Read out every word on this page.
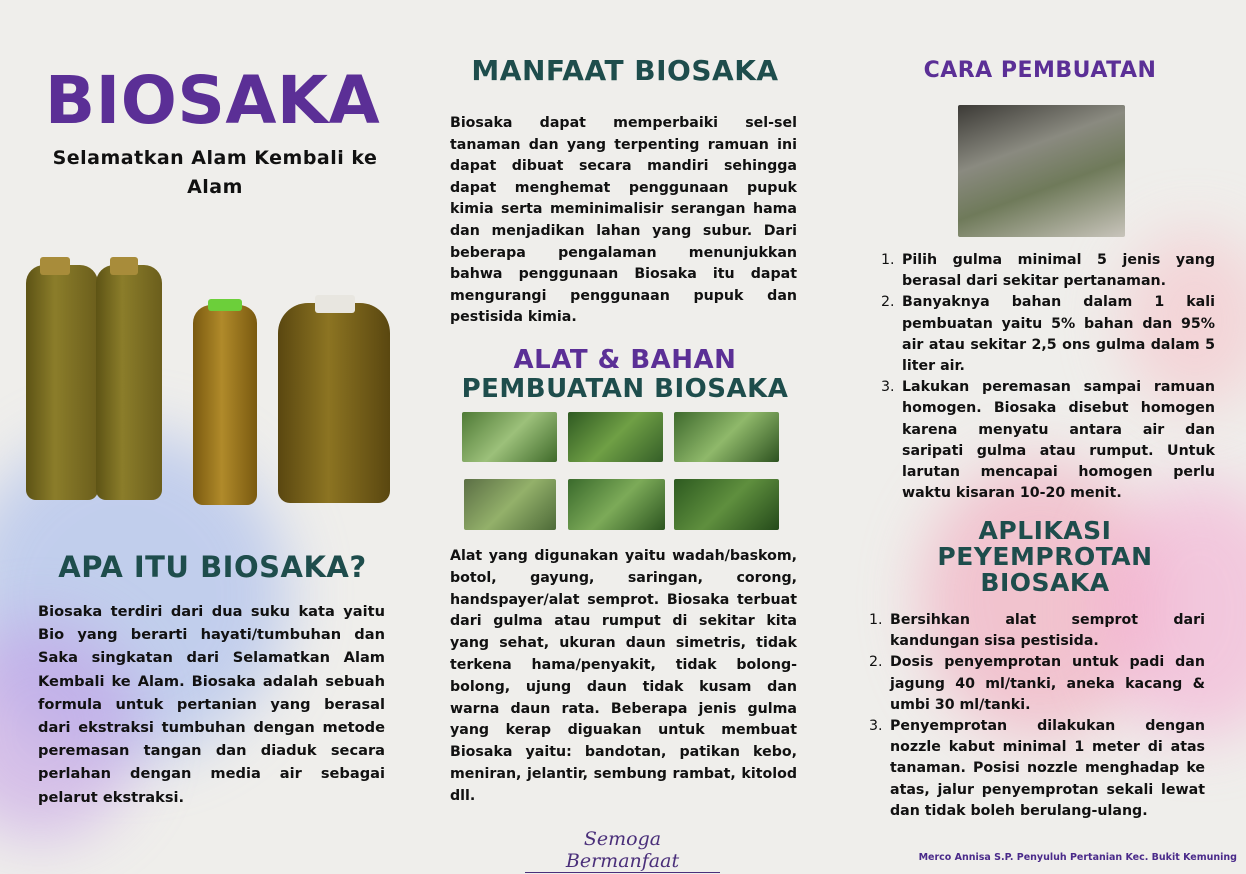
BIOSAKA
Selamatkan Alam Kembali ke Alam
APA ITU BIOSAKA?
Biosaka terdiri dari dua suku kata yaitu Bio yang berarti hayati/tumbuhan dan Saka singkatan dari Selamatkan Alam Kembali ke Alam. Biosaka adalah sebuah formula untuk pertanian yang berasal dari ekstraksi tumbuhan dengan metode peremasan tangan dan diaduk secara perlahan dengan media air sebagai pelarut ekstraksi.
MANFAAT BIOSAKA
Biosaka dapat memperbaiki sel-sel tanaman dan yang terpenting ramuan ini dapat dibuat secara mandiri sehingga dapat menghemat penggunaan pupuk kimia serta meminimalisir serangan hama dan menjadikan lahan yang subur. Dari beberapa pengalaman menunjukkan bahwa penggunaan Biosaka itu dapat mengurangi penggunaan pupuk dan pestisida kimia.
ALAT & BAHAN
PEMBUATAN BIOSAKA
Alat yang digunakan yaitu wadah/baskom, botol, gayung, saringan, corong, handspayer/alat semprot. Biosaka terbuat dari gulma atau rumput di sekitar kita yang sehat, ukuran daun simetris, tidak terkena hama/penyakit, tidak bolong-bolong, ujung daun tidak kusam dan warna daun rata. Beberapa jenis gulma yang kerap diguakan untuk membuat Biosaka yaitu: bandotan, patikan kebo, meniran, jelantir, sembung rambat, kitolod dll.
Semoga Bermanfaat
CARA PEMBUATAN
1. Pilih gulma minimal 5 jenis yang berasal dari sekitar pertanaman.
2. Banyaknya bahan dalam 1 kali pembuatan yaitu 5% bahan dan 95% air atau sekitar 2,5 ons gulma dalam 5 liter air.
3. Lakukan peremasan sampai ramuan homogen. Biosaka disebut homogen karena menyatu antara air dan saripati gulma atau rumput. Untuk larutan mencapai homogen perlu waktu kisaran 10-20 menit.
APLIKASI PEYEMPROTAN BIOSAKA
1. Bersihkan alat semprot dari kandungan sisa pestisida.
2. Dosis penyemprotan untuk padi dan jagung 40 ml/tanki, aneka kacang & umbi 30 ml/tanki.
3. Penyemprotan dilakukan dengan nozzle kabut minimal 1 meter di atas tanaman. Posisi nozzle menghadap ke atas, jalur penyemprotan sekali lewat dan tidak boleh berulang-ulang.
Merco Annisa S.P. Penyuluh Pertanian Kec. Bukit Kemuning
